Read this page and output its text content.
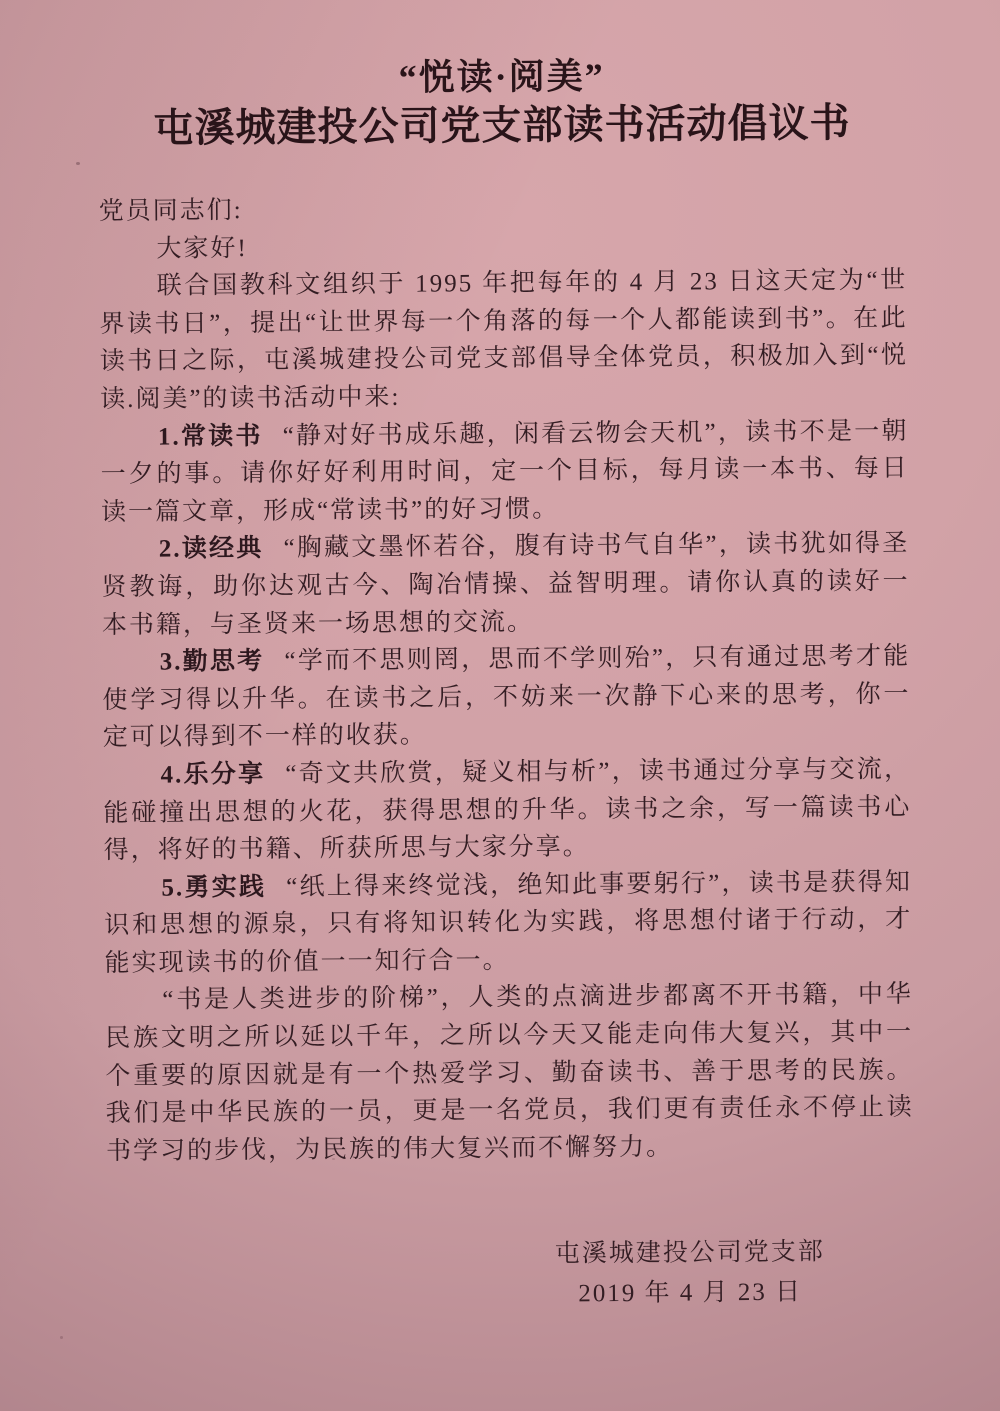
“悦读·阅美”
屯溪城建投公司党支部读书活动倡议书

党员同志们:

大家好!

联合国教科文组织于 1995 年把每年的 4 月 23 日这天定为“世界读书日”，提出“让世界每一个角落的每一个人都能读到书”。在此读书日之际，屯溪城建投公司党支部倡导全体党员，积极加入到“悦读.阅美”的读书活动中来:

1.常读书 “静对好书成乐趣，闲看云物会天机”，读书不是一朝一夕的事。请你好好利用时间，定一个目标，每月读一本书、每日读一篇文章，形成“常读书”的好习惯。

2.读经典 “胸藏文墨怀若谷，腹有诗书气自华”，读书犹如得圣贤教诲，助你达观古今、陶冶情操、益智明理。请你认真的读好一本书籍，与圣贤来一场思想的交流。

3.勤思考 “学而不思则罔，思而不学则殆”，只有通过思考才能使学习得以升华。在读书之后，不妨来一次静下心来的思考，你一定可以得到不一样的收获。

4.乐分享 “奇文共欣赏，疑义相与析”，读书通过分享与交流，能碰撞出思想的火花，获得思想的升华。读书之余，写一篇读书心得，将好的书籍、所获所思与大家分享。

5.勇实践 “纸上得来终觉浅，绝知此事要躬行”，读书是获得知识和思想的源泉，只有将知识转化为实践，将思想付诸于行动，才能实现读书的价值一一知行合一。

“书是人类进步的阶梯”，人类的点滴进步都离不开书籍，中华民族文明之所以延以千年，之所以今天又能走向伟大复兴，其中一个重要的原因就是有一个热爱学习、勤奋读书、善于思考的民族。我们是中华民族的一员，更是一名党员，我们更有责任永不停止读书学习的步伐，为民族的伟大复兴而不懈努力。

屯溪城建投公司党支部
2019 年 4 月 23 日
